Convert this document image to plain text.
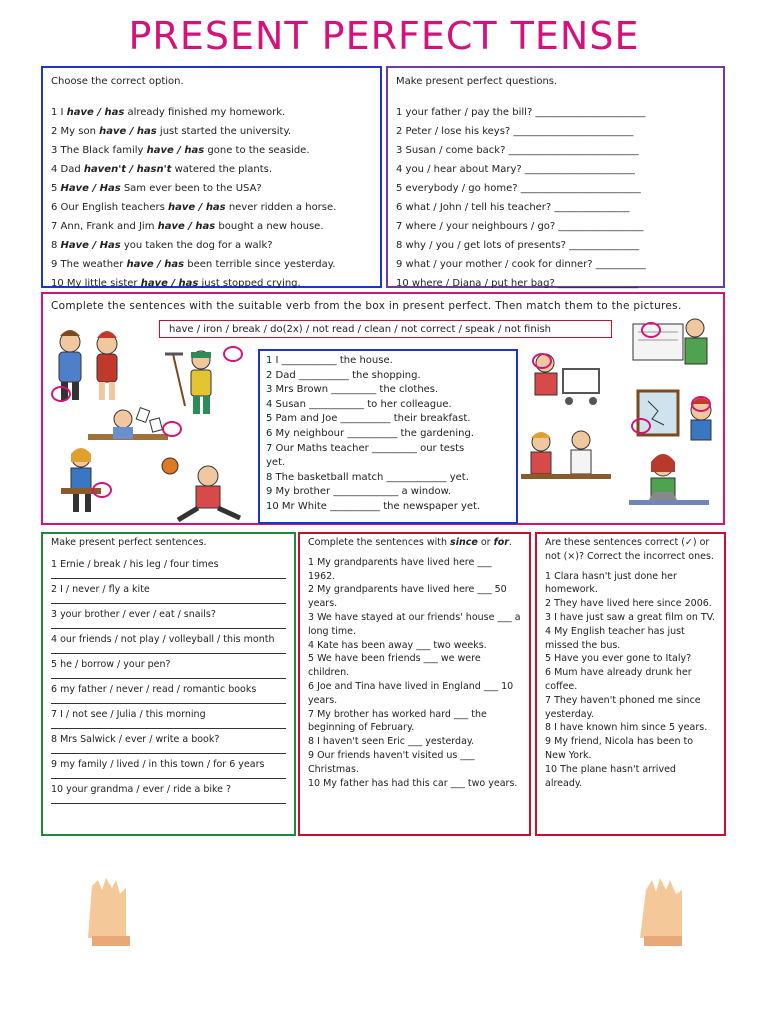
PRESENT PERFECT TENSE
Choose the correct option.
1 I have / has already finished my homework.
2 My son have / has just started the university.
3 The Black family have / has gone to the seaside.
4 Dad haven't / hasn't watered the plants.
5 Have / Has Sam ever been to the USA?
6 Our English teachers have / has never ridden a horse.
7 Ann, Frank and Jim have / has bought a new house.
8 Have / Has you taken the dog for a walk?
9 The weather have / has been terrible since yesterday.
10 My little sister have / has just stopped crying.
Make present perfect questions.
1 your father / pay the bill? ______________________
2 Peter / lose his keys? ________________________
3 Susan / come back? __________________________
4 you / hear about Mary? ______________________
5 everybody / go home? ________________________
6 what / John / tell his teacher? _______________
7 where / your neighbours / go? _________________
8 why / you / get lots of presents? ______________
9 what / your mother / cook for dinner? __________
10 where / Diana / put her bag? ________________
Complete the sentences with the suitable verb from the box in present perfect. Then match them to the pictures.
have / iron / break / do(2x) / not read / clean / not correct / speak / not finish
1 I ___________ the house.
2 Dad __________ the shopping.
3 Mrs Brown _________ the clothes.
4 Susan ___________ to her colleague.
5 Pam and Joe __________ their breakfast.
6 My neighbour __________ the gardening.
7 Our Maths teacher _________ our tests
yet.
8 The basketball match ____________ yet.
9 My brother _____________ a window.
10 Mr White __________ the newspaper yet.
Make present perfect sentences.
1 Ernie / break / his leg / four times
2 I / never / fly a kite
3 your brother / ever / eat / snails?
4 our friends / not play / volleyball / this month
5 he / borrow / your pen?
6 my father / never / read / romantic books
7 I / not see / Julia / this morning
8 Mrs Salwick / ever / write a book?
9 my family / lived / in this town / for 6 years
10 your grandma / ever / ride a bike ?
Complete the sentences with since or for.
1 My grandparents have lived here ___ 1962.
2 My grandparents have lived here ___ 50 years.
3 We have stayed at our friends' house ___ a long time.
4 Kate has been away ___ two weeks.
5 We have been friends ___ we were children.
6 Joe and Tina have lived in England ___ 10 years.
7 My brother has worked hard ___ the beginning of February.
8 I haven't seen Eric ___ yesterday.
9 Our friends haven't visited us ___ Christmas.
10 My father has had this car ___ two years.
Are these sentences correct (✓) or not (×)? Correct the incorrect ones.
1 Clara hasn't just done her homework.
2 They have lived here since 2006.
3 I have just saw a great film on TV.
4 My English teacher has just missed the bus.
5 Have you ever gone to Italy?
6 Mum have already drunk her coffee.
7 They haven't phoned me since yesterday.
8 I have known him since 5 years.
9 My friend, Nicola has been to New York.
10 The plane hasn't arrived already.
